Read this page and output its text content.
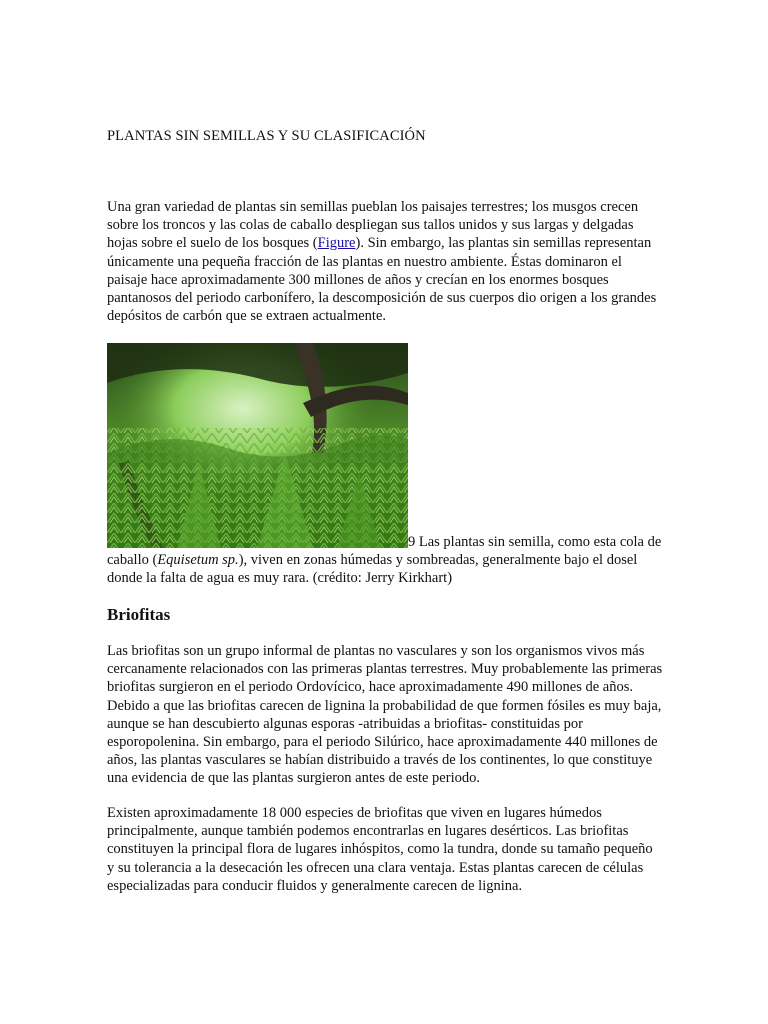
PLANTAS SIN SEMILLAS Y SU CLASIFICACIÓN

Una gran variedad de plantas sin semillas pueblan los paisajes terrestres; los musgos crecen sobre los troncos y las colas de caballo despliegan sus tallos unidos y sus largas y delgadas hojas sobre el suelo de los bosques (Figure). Sin embargo, las plantas sin semillas representan únicamente una pequeña fracción de las plantas en nuestro ambiente. Éstas dominaron el paisaje hace aproximadamente 300 millones de años y crecían en los enormes bosques pantanosos del periodo carbonífero, la descomposición de sus cuerpos dio origen a los grandes depósitos de carbón que se extraen actualmente.

9 Las plantas sin semilla, como esta cola de caballo (Equisetum sp.), viven en zonas húmedas y sombreadas, generalmente bajo el dosel donde la falta de agua es muy rara. (crédito: Jerry Kirkhart)
Briofitas

Las briofitas son un grupo informal de plantas no vasculares y son los organismos vivos más cercanamente relacionados con las primeras plantas terrestres. Muy probablemente las primeras briofitas surgieron en el periodo Ordovícico, hace aproximadamente 490 millones de años. Debido a que las briofitas carecen de lignina la probabilidad de que formen fósiles es muy baja, aunque se han descubierto algunas esporas -atribuidas a briofitas- constituidas por esporopolenina. Sin embargo, para el periodo Silúrico, hace aproximadamente 440 millones de años, las plantas vasculares se habían distribuido a través de los continentes, lo que constituye una evidencia de que las plantas surgieron antes de este periodo.

Existen aproximadamente 18 000 especies de briofitas que viven en lugares húmedos principalmente, aunque también podemos encontrarlas en lugares desérticos. Las briofitas constituyen la principal flora de lugares inhóspitos, como la tundra, donde su tamaño pequeño y su tolerancia a la desecación les ofrecen una clara ventaja. Estas plantas carecen de células especializadas para conducir fluidos y generalmente carecen de lignina.
